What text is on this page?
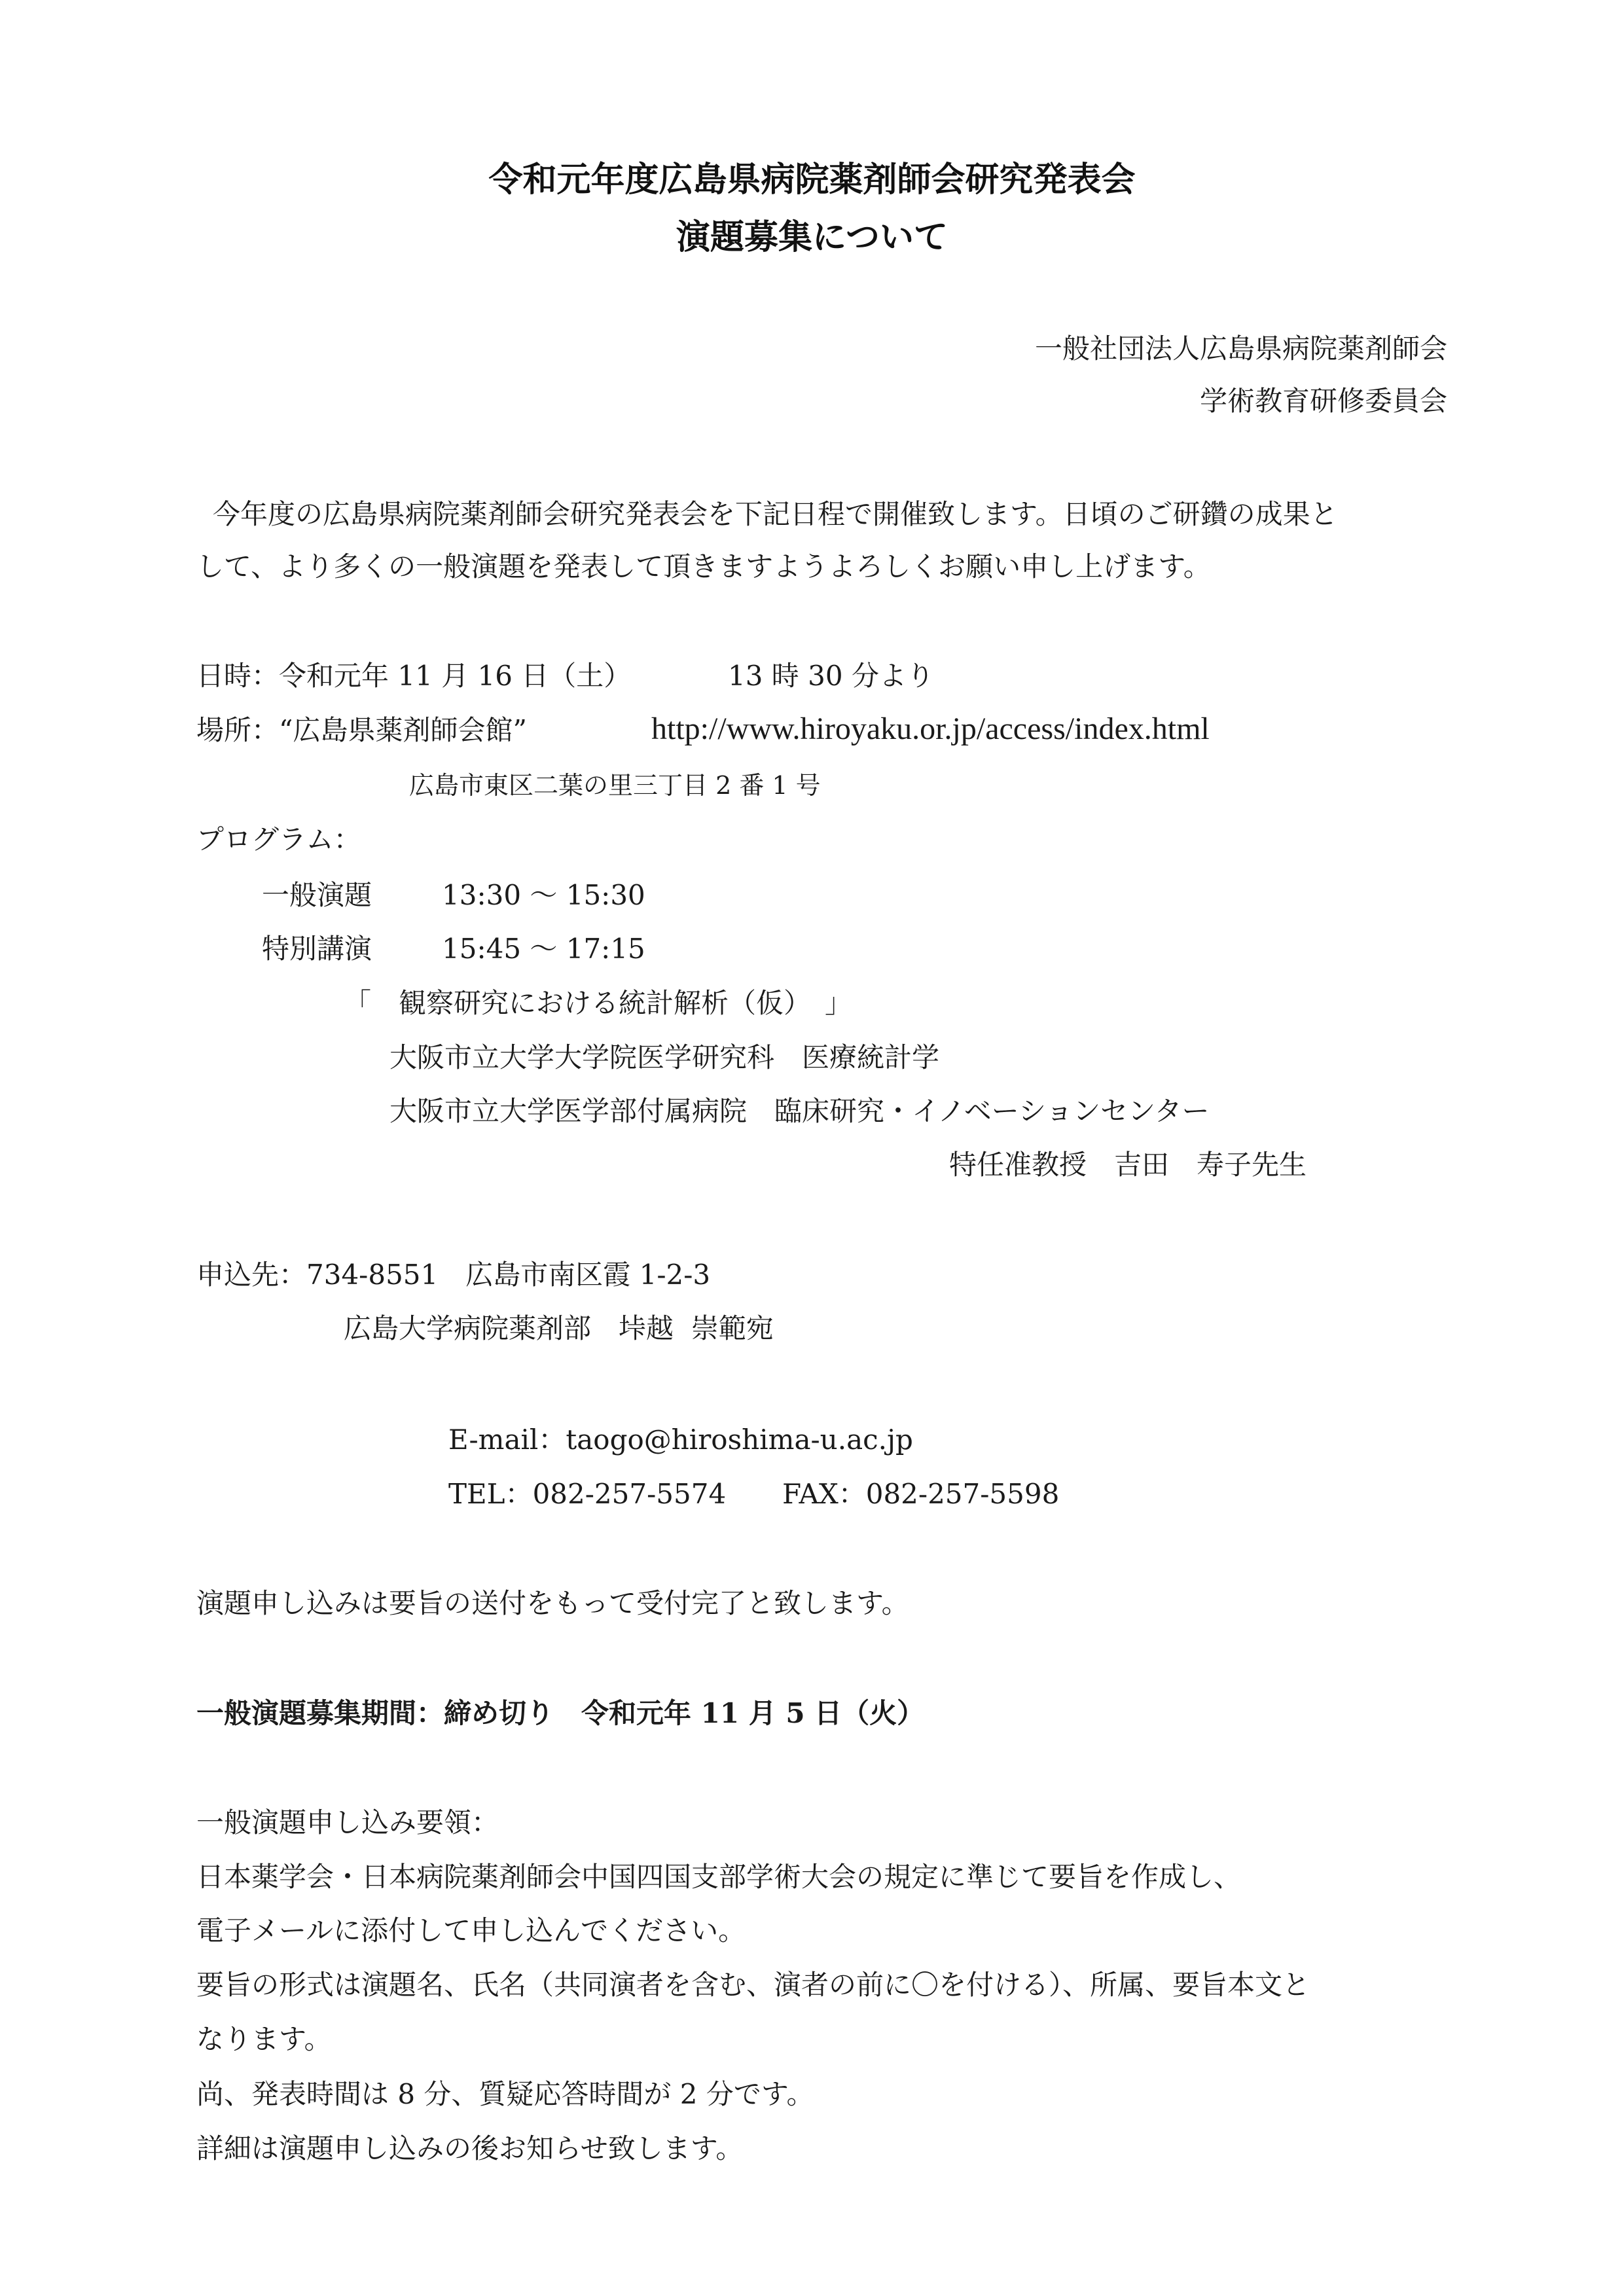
令和元年度広島県病院薬剤師会研究発表会
演題募集について
一般社団法人広島県病院薬剤師会
学術教育研修委員会
今年度の広島県病院薬剤師会研究発表会を下記日程で開催致します。日頃のご研鑽の成果と
して、より多くの一般演題を発表して頂きますようよろしくお願い申し上げます。
日時：令和元年 11 月 16 日（土）	13 時 30 分より
場所：“広島県薬剤師会館”	http://www.hiroyaku.or.jp/access/index.html
広島市東区二葉の里三丁目 2 番 1 号
プログラム：
一般演題	13:30 ～ 15:30
特別講演	15:45 ～ 17:15
「　観察研究における統計解析（仮）　」
大阪市立大学大学院医学研究科　医療統計学
大阪市立大学医学部付属病院　臨床研究・イノベーションセンター
特任准教授　吉田　寿子先生
申込先：734-8551　広島市南区霞 1-2-3
広島大学病院薬剤部　垰越  崇範宛
E-mail：taogo@hiroshima-u.ac.jp
TEL：082-257-5574 FAX：082-257-5598
演題申し込みは要旨の送付をもって受付完了と致します。
一般演題募集期間：締め切り　令和元年 11 月 5 日（火）
一般演題申し込み要領：
日本薬学会・日本病院薬剤師会中国四国支部学術大会の規定に準じて要旨を作成し、
電子メールに添付して申し込んでください。
要旨の形式は演題名、氏名（共同演者を含む、演者の前に〇を付ける）、所属、要旨本文と
なります。
尚、発表時間は 8 分、質疑応答時間が 2 分です。
詳細は演題申し込みの後お知らせ致します。
